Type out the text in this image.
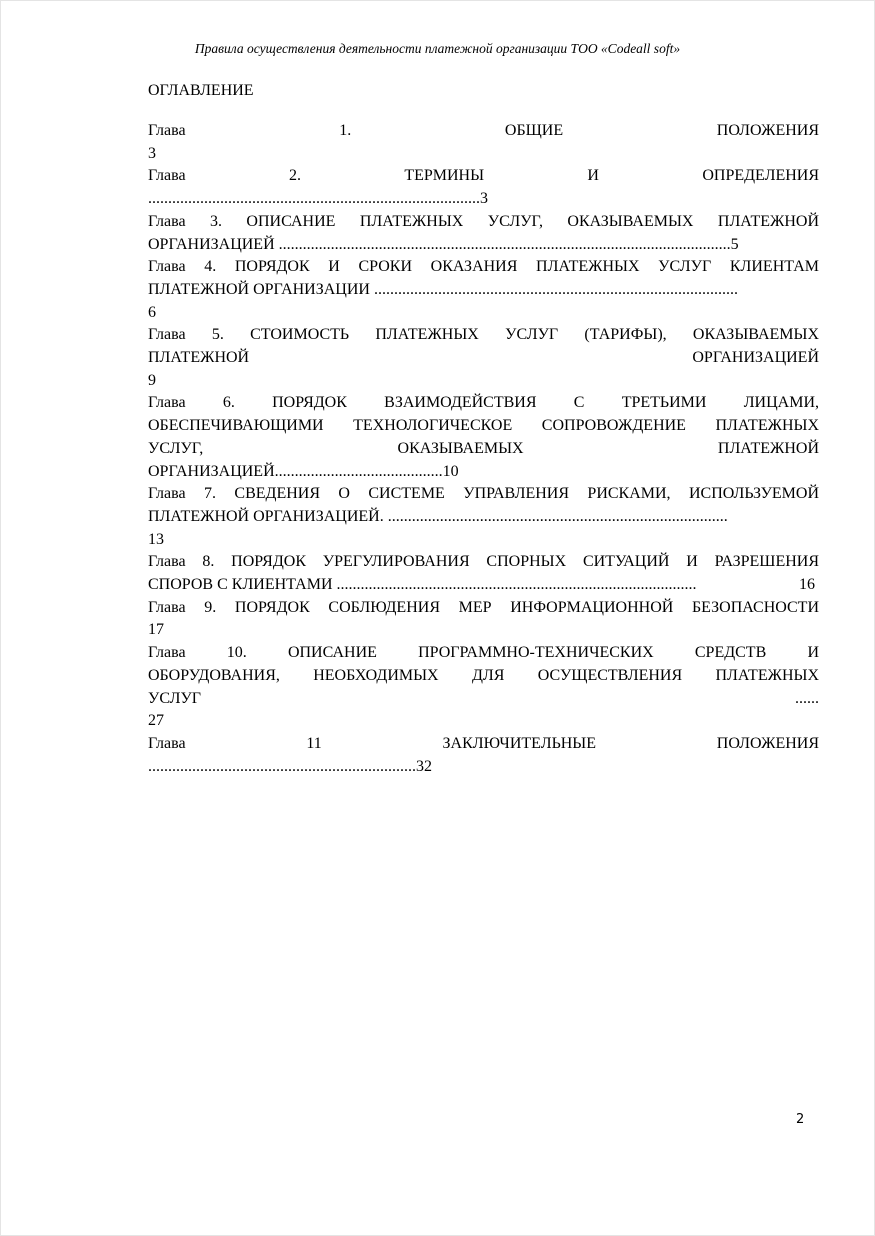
Правила осуществления деятельности платежной организации ТОО «Codeall soft»
ОГЛАВЛЕНИЕ
Глава 1. ОБЩИЕ ПОЛОЖЕНИЯ
3
Глава 2. ТЕРМИНЫ И ОПРЕДЕЛЕНИЯ
...................................................................................3
Глава 3. ОПИСАНИЕ ПЛАТЕЖНЫХ УСЛУГ, ОКАЗЫВАЕМЫХ ПЛАТЕЖНОЙ
ОРГАНИЗАЦИЕЙ .................................................................................................................5
Глава 4. ПОРЯДОК И СРОКИ ОКАЗАНИЯ ПЛАТЕЖНЫХ УСЛУГ КЛИЕНТАМ
ПЛАТЕЖНОЙ ОРГАНИЗАЦИИ ...........................................................................................
6
Глава 5. СТОИМОСТЬ ПЛАТЕЖНЫХ УСЛУГ (ТАРИФЫ), ОКАЗЫВАЕМЫХ
ПЛАТЕЖНОЙ ОРГАНИЗАЦИЕЙ
9
Глава 6. ПОРЯДОК ВЗАИМОДЕЙСТВИЯ С ТРЕТЬИМИ ЛИЦАМИ,
ОБЕСПЕЧИВАЮЩИМИ ТЕХНОЛОГИЧЕСКОЕ СОПРОВОЖДЕНИЕ ПЛАТЕЖНЫХ
УСЛУГ, ОКАЗЫВАЕМЫХ ПЛАТЕЖНОЙ
ОРГАНИЗАЦИЕЙ..........................................10
Глава 7. СВЕДЕНИЯ О СИСТЕМЕ УПРАВЛЕНИЯ РИСКАМИ, ИСПОЛЬЗУЕМОЙ
ПЛАТЕЖНОЙ ОРГАНИЗАЦИЕЙ. .....................................................................................
13
Глава 8. ПОРЯДОК УРЕГУЛИРОВАНИЯ СПОРНЫХ СИТУАЦИЙ И РАЗРЕШЕНИЯ
СПОРОВ С КЛИЕНТАМИ ..........................................................................................	16
Глава 9. ПОРЯДОК СОБЛЮДЕНИЯ МЕР ИНФОРМАЦИОННОЙ БЕЗОПАСНОСТИ
17
Глава 10. ОПИСАНИЕ ПРОГРАММНО-ТЕХНИЧЕСКИХ СРЕДСТВ И
ОБОРУДОВАНИЯ, НЕОБХОДИМЫХ ДЛЯ ОСУЩЕСТВЛЕНИЯ ПЛАТЕЖНЫХ
УСЛУГ	......
27
Глава 11 ЗАКЛЮЧИТЕЛЬНЫЕ ПОЛОЖЕНИЯ
...................................................................32
2
